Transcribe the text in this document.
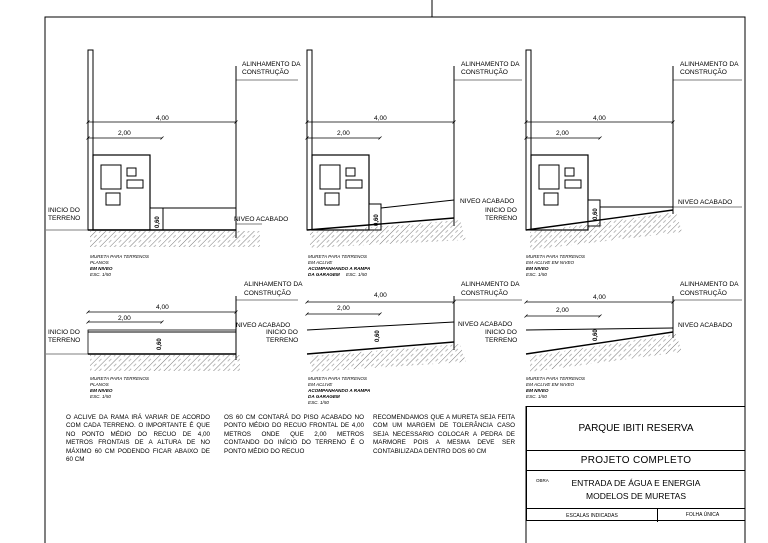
ALINHAMENTO DA
CONSTRUÇÃO
ALINHAMENTO DA
CONSTRUÇÃO
ALINHAMENTO DA
CONSTRUÇÃO
4,00	4,00	4,00
2,00	2,00	2,00
INICIO DO
TERRENO	NIVEO ACABADO
NIVEO ACABADO
INICIO DO
TERRENO
NIVEO ACABADO
ALINHAMENTO DA
CONSTRUÇÃO
ALINHAMENTO DA
CONSTRUÇÃO
ALINHAMENTO DA
CONSTRUÇÃO
4,00
4,00	4,00
2,00
2,00	2,00
INICIO DO
TERRENO
NIVEO ACABADO	NIVEO ACABADO
INICIO DO
TERRENO
NIVEO ACABADO
INICIO DO
TERRENO
0,60	0,60
0,60
0,60
0,60	0,60
MURETA PARA TERRENOS
PLANOS
EM NIVEO
ESC. 1/50
MURETA PARA TERRENOS
EM ACLIVE
ACOMPANHANDO A RAMPA
DA GARAGEM ESC. 1/50
MURETA PARA TERRENOS
EM ACLIVE EM NIVEO
EM NIVEO
ESC. 1/50
MURETA PARA TERRENOS
PLANOS
EM NIVEO
ESC. 1/50
MURETA PARA TERRENOS
EM ACLIVE
ACOMPANHANDO A RAMPA
DA GARAGEM
ESC. 1/50
MURETA PARA TERRENOS
EM ACLIVE EM NIVEO
EM NIVEO
ESC. 1/50
O ACLIVE DA RAMA IRÁ VARIAR DE ACORDO COM CADA TERRENO. O IMPORTANTE É QUE NO PONTO MÉDIO DO RECUO DE 4,00 METROS FRONTAIS DE A ALTURA DE NO MÁXIMO 60 CM PODENDO FICAR ABAIXO DE 60 CM
OS 60 CM CONTARÁ DO PISO ACABADO NO PONTO MÉDIO DO RECUO FRONTAL DE 4,00 METROS ONDE QUE 2,00 METROS CONTANDO DO INÍCIO DO TERRENO É O PONTO MÉDIO DO RECUO
RECOMENDAMOS QUE A MURETA SEJA FEITA COM UM MARGEM DE TOLERÂNCIA CASO SEJA NECESSARIO COLOCAR A PEDRA DE MARMORE POIS A MESMA DEVE SER CONTABILIZADA DENTRO DOS 60 CM
PARQUE IBITI RESERVA
PROJETO COMPLETO
OBRA	ENTRADA DE ÁGUA E ENERGIA
MODELOS DE MURETAS
ESCALAS INDICADAS	FOLHA ÚNICA
